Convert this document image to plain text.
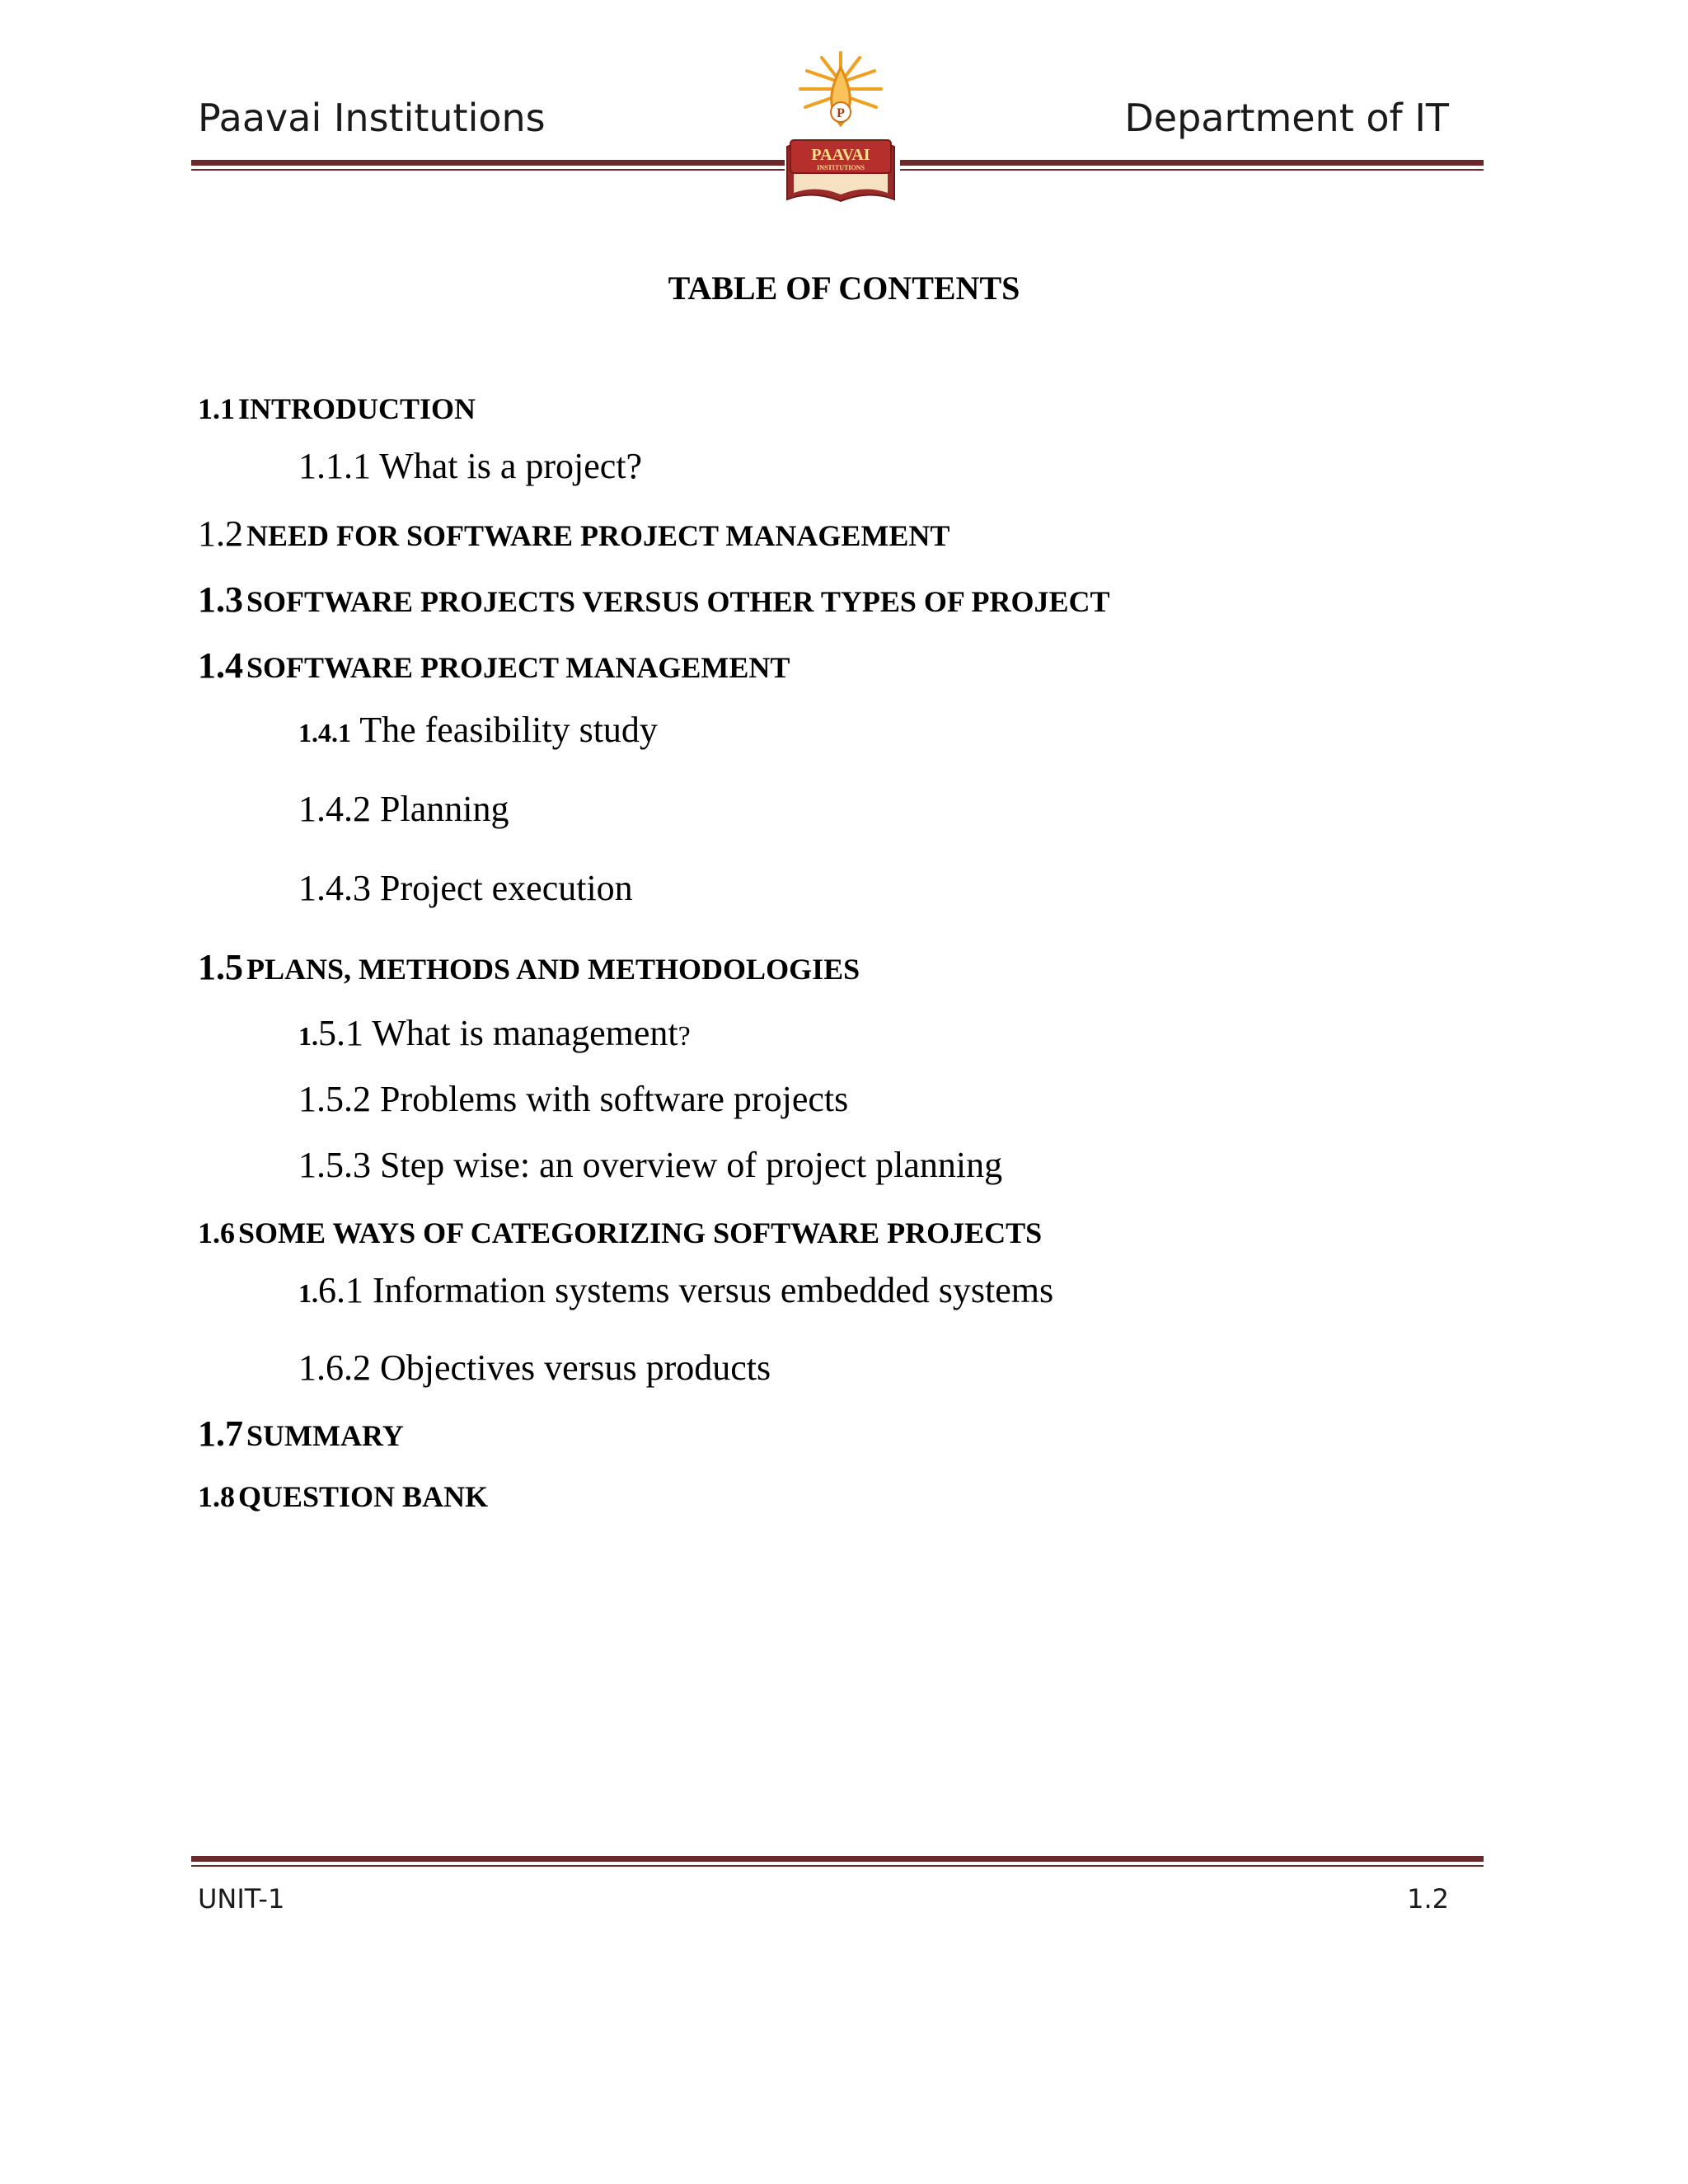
Paavai Institutions	Department of IT
P
PAAVAI
INSTITUTIONS
TABLE OF CONTENTS
1.1 INTRODUCTION
1.1.1 What is a project?
1.2 NEED FOR SOFTWARE PROJECT MANAGEMENT
1.3 SOFTWARE PROJECTS VERSUS OTHER TYPES OF PROJECT
1.4 SOFTWARE PROJECT MANAGEMENT
1.4.1 The feasibility study
1.4.2 Planning
1.4.3 Project execution
1.5 PLANS, METHODS AND METHODOLOGIES
1.5.1 What is management?
1.5.2 Problems with software projects
1.5.3 Step wise: an overview of project planning
1.6 SOME WAYS OF CATEGORIZING SOFTWARE PROJECTS
1.6.1 Information systems versus embedded systems
1.6.2 Objectives versus products
1.7 SUMMARY
1.8 QUESTION BANK
UNIT-1	1.2
